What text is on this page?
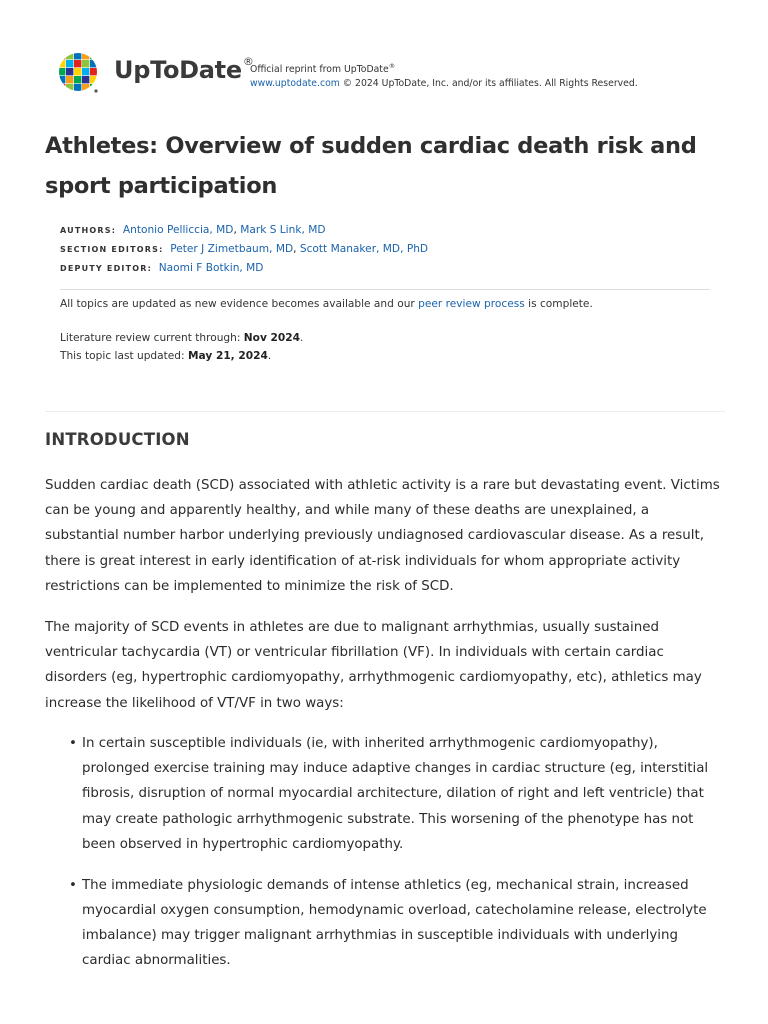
UpToDate®
Official reprint from UpToDate®
www.uptodate.com © 2024 UpToDate, Inc. and/or its affiliates. All Rights Reserved.
Athletes: Overview of sudden cardiac death risk and sport participation
AUTHORS: Antonio Pelliccia, MD, Mark S Link, MD
SECTION EDITORS: Peter J Zimetbaum, MD, Scott Manaker, MD, PhD
DEPUTY EDITOR: Naomi F Botkin, MD
All topics are updated as new evidence becomes available and our peer review process is complete.
Literature review current through: Nov 2024.
This topic last updated: May 21, 2024.
INTRODUCTION

Sudden cardiac death (SCD) associated with athletic activity is a rare but devastating event. Victims can be young and apparently healthy, and while many of these deaths are unexplained, a substantial number harbor underlying previously undiagnosed cardiovascular disease. As a result, there is great interest in early identification of at-risk individuals for whom appropriate activity restrictions can be implemented to minimize the risk of SCD.

The majority of SCD events in athletes are due to malignant arrhythmias, usually sustained ventricular tachycardia (VT) or ventricular fibrillation (VF). In individuals with certain cardiac disorders (eg, hypertrophic cardiomyopathy, arrhythmogenic cardiomyopathy, etc), athletics may increase the likelihood of VT/VF in two ways:

• In certain susceptible individuals (ie, with inherited arrhythmogenic cardiomyopathy), prolonged exercise training may induce adaptive changes in cardiac structure (eg, interstitial fibrosis, disruption of normal myocardial architecture, dilation of right and left ventricle) that may create pathologic arrhythmogenic substrate. This worsening of the phenotype has not been observed in hypertrophic cardiomyopathy.
• The immediate physiologic demands of intense athletics (eg, mechanical strain, increased myocardial oxygen consumption, hemodynamic overload, catecholamine release, electrolyte imbalance) may trigger malignant arrhythmias in susceptible individuals with underlying cardiac abnormalities.
